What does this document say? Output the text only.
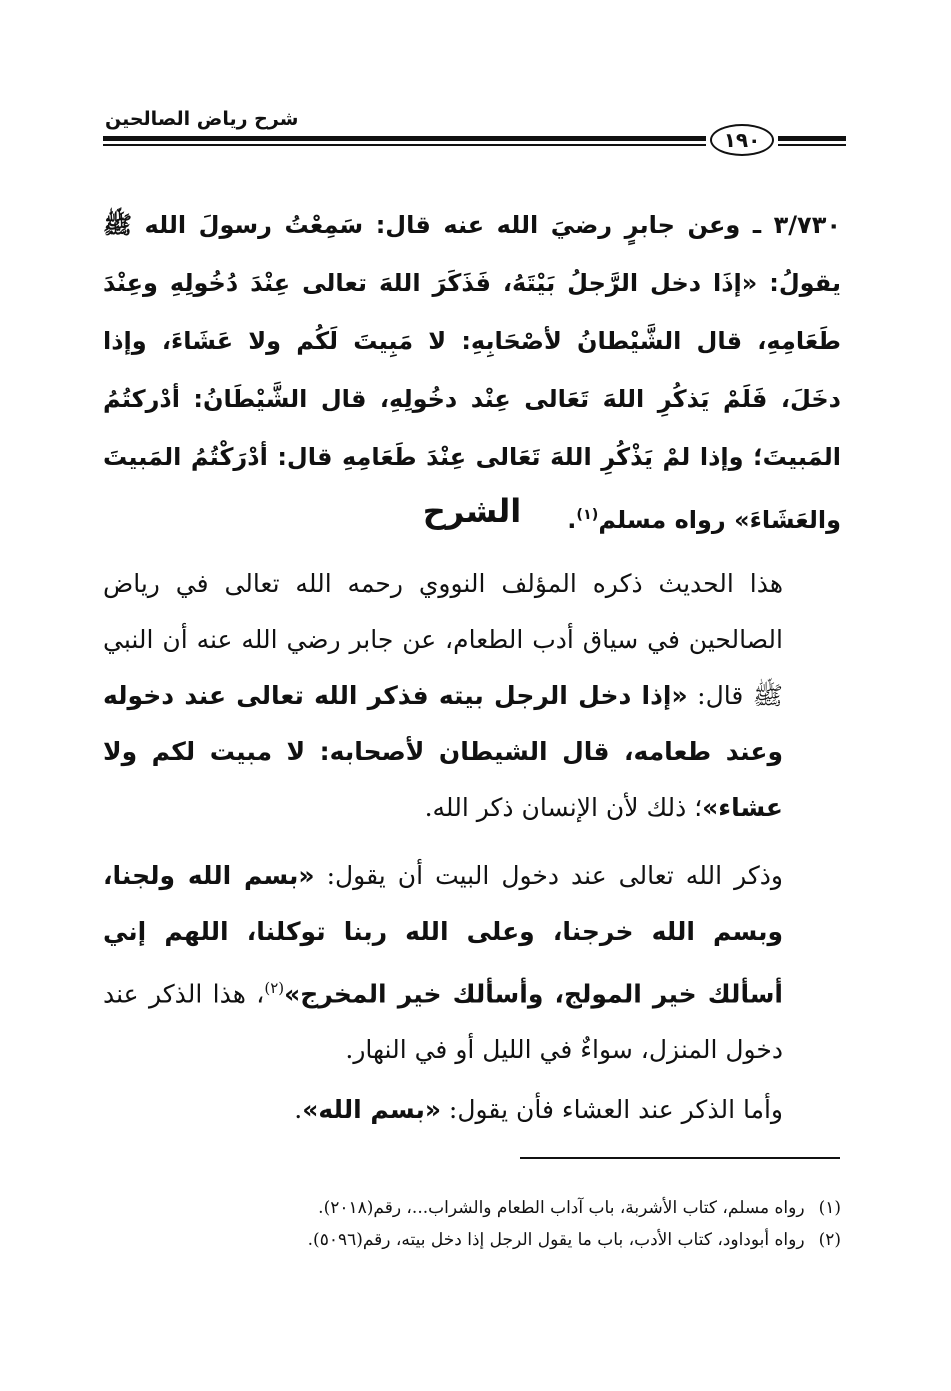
شرح رياض الصالحين
١٩٠

٣/٧٣٠ ـ وعن جابرٍ رضيَ الله عنه قال: سَمِعْتُ رسولَ الله ﷺ يقولُ: «إذَا دخل الرَّجلُ بَيْتَهُ، فَذَكَرَ اللهَ تعالى عِنْدَ دُخُولِهِ وعِنْدَ طَعَامِهِ، قال الشَّيْطانُ لأصْحَابِهِ: لا مَبِيتَ لَكُم ولا عَشَاءَ، وإذا دخَلَ، فَلَمْ يَذكُرِ اللهَ تَعَالى عِنْد دخُولِهِ، قال الشَّيْطَانُ: أدْركتُمُ المَبيتَ؛ وإذا لمْ يَذْكُرِ اللهَ تَعَالى عِنْدَ طَعَامِهِ قال: أدْرَكْتُمُ المَبيتَ والعَشَاءَ» رواه مسلم$^{(١)}$.

الشرح

هذا الحديث ذكره المؤلف النووي رحمه الله تعالى في رياض الصالحين في سياق أدب الطعام، عن جابر رضي الله عنه أن النبي ﷺ قال: «إذا دخل الرجل بيته فذكر الله تعالى عند دخوله وعند طعامه، قال الشيطان لأصحابه: لا مبيت لكم ولا عشاء»؛ ذلك لأن الإنسان ذكر الله.

وذكر الله تعالى عند دخول البيت أن يقول: «بسم الله ولجنا، وبسم الله خرجنا، وعلى الله ربنا توكلنا، اللهم إني أسألك خير المولج، وأسألك خير المخرج»$^{(٢)}$، هذا الذكر عند دخول المنزل، سواءٌ في الليل أو في النهار.

وأما الذكر عند العشاء فأن يقول: «بسم الله».

(١)رواه مسلم، كتاب الأشربة، باب آداب الطعام والشراب...، رقم(٢٠١٨).

(٢)رواه أبوداود، كتاب الأدب، باب ما يقول الرجل إذا دخل بيته، رقم(٥٠٩٦).
